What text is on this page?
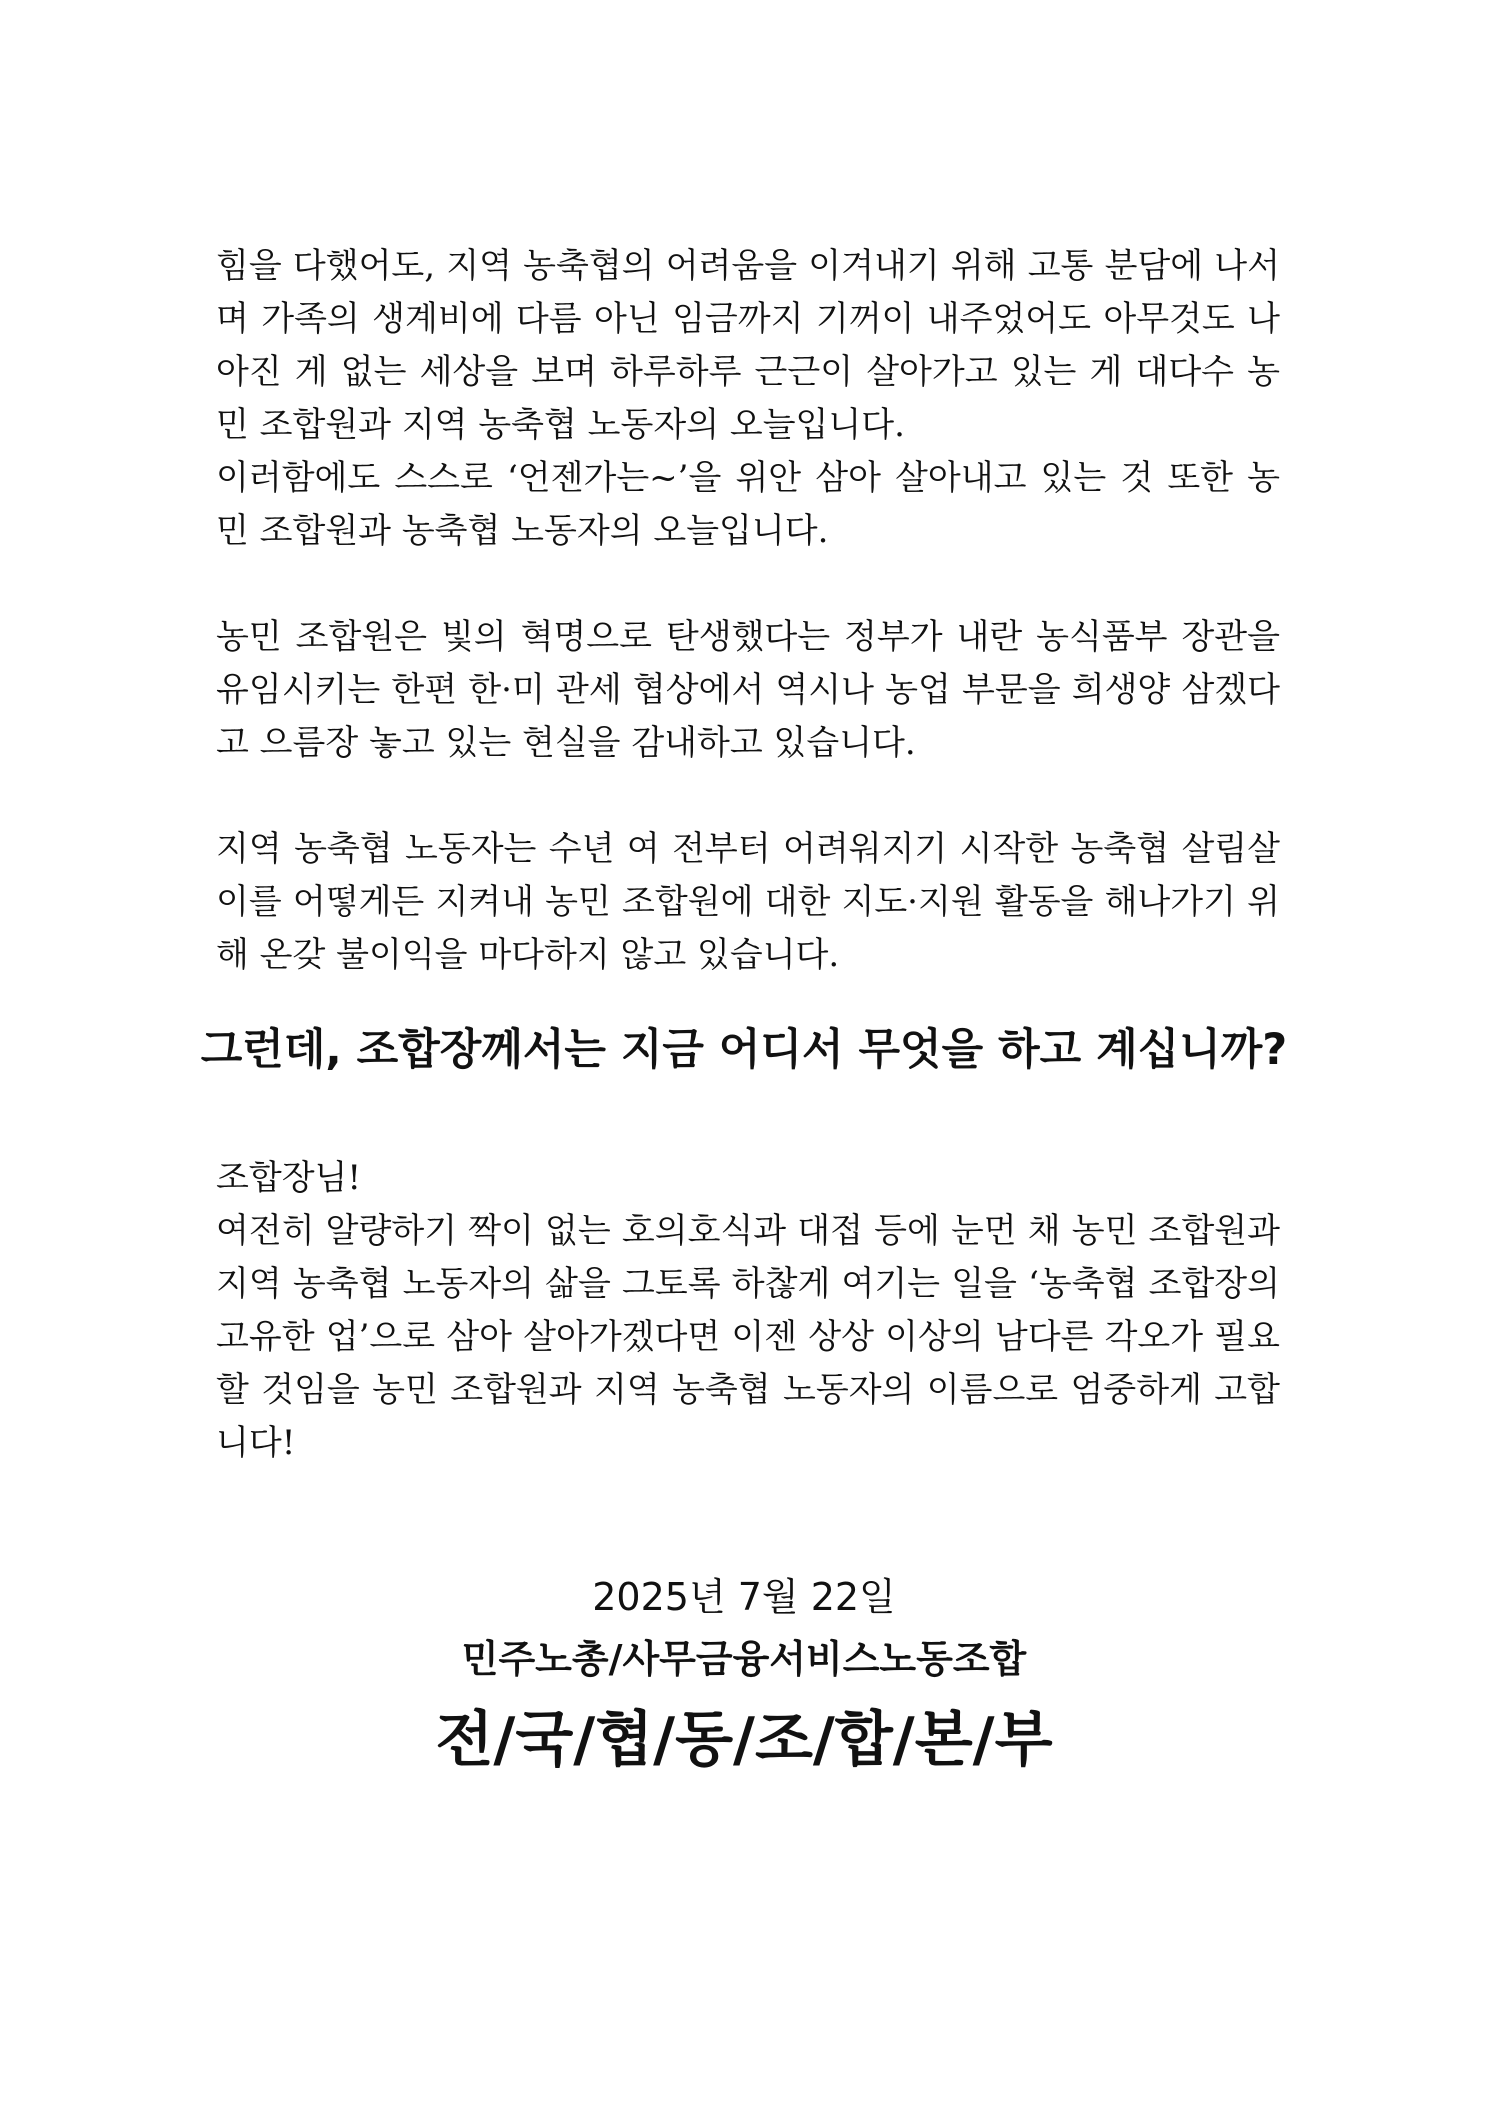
힘을 다했어도, 지역 농축협의 어려움을 이겨내기 위해 고통 분담에 나서며 가족의 생계비에 다름 아닌 임금까지 기꺼이 내주었어도 아무것도 나아진 게 없는 세상을 보며 하루하루 근근이 살아가고 있는 게 대다수 농민 조합원과 지역 농축협 노동자의 오늘입니다.

이러함에도 스스로 ‘언젠가는~’을 위안 삼아 살아내고 있는 것 또한 농민 조합원과 농축협 노동자의 오늘입니다.

농민 조합원은 빛의 혁명으로 탄생했다는 정부가 내란 농식품부 장관을 유임시키는 한편 한·미 관세 협상에서 역시나 농업 부문을 희생양 삼겠다고 으름장 놓고 있는 현실을 감내하고 있습니다.

지역 농축협 노동자는 수년 여 전부터 어려워지기 시작한 농축협 살림살이를 어떻게든 지켜내 농민 조합원에 대한 지도·지원 활동을 해나가기 위해 온갖 불이익을 마다하지 않고 있습니다.

그런데, 조합장께서는 지금 어디서 무엇을 하고 계십니까?

조합장님!

여전히 알량하기 짝이 없는 호의호식과 대접 등에 눈먼 채 농민 조합원과 지역 농축협 노동자의 삶을 그토록 하찮게 여기는 일을 ‘농축협 조합장의 고유한 업’으로 삼아 살아가겠다면 이젠 상상 이상의 남다른 각오가 필요할 것임을 농민 조합원과 지역 농축협 노동자의 이름으로 엄중하게 고합니다!

2025년 7월 22일
민주노총/사무금융서비스노동조합
전/국/협/동/조/합/본/부
